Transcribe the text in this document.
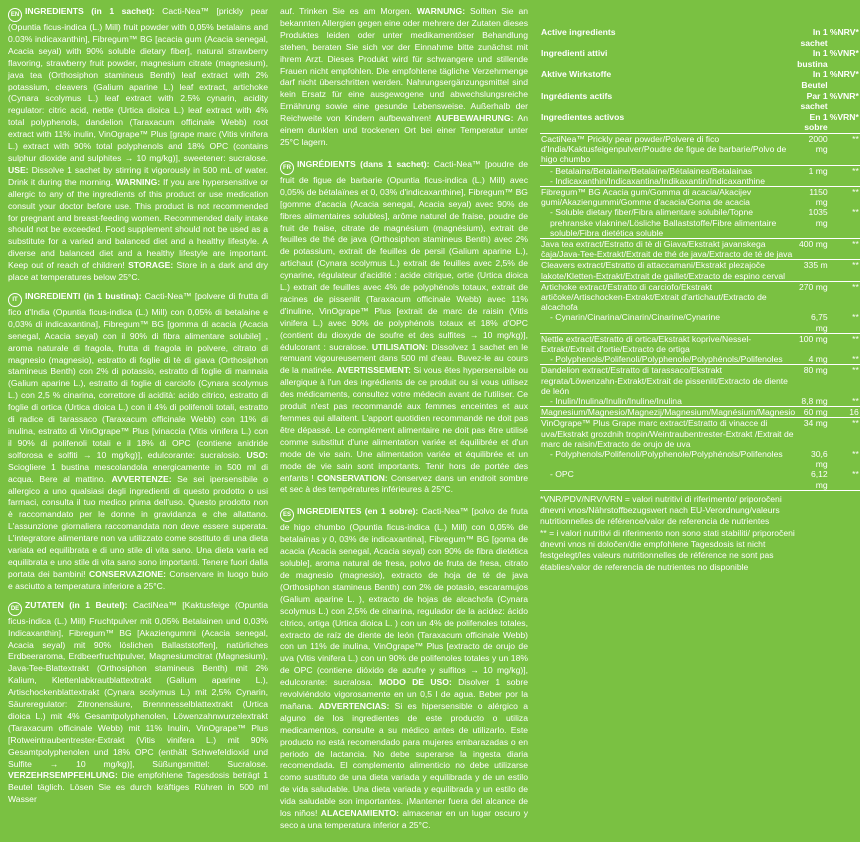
EN INGREDIENTS (in 1 sachet): Cacti-Nea™ [prickly pear (Opuntia ficus-indica (L.) Mill) fruit powder with 0,05% betalains and 0.03% indicaxanthin], Fibregum™ BG [acacia gum (Acacia senegal, Acacia seyal) with 90% soluble dietary fiber], natural strawberry flavoring, strawberry fruit powder, magnesium citrate (magnesium), java tea (Orthosiphon stamineus Benth) leaf extract with 2% potassium, cleavers (Galium aparine L.) leaf extract, artichoke (Cynara scolymus L.) leaf extract with 2.5% cynarin, acidity regulator: citric acid, nettle (Urtica dioica L.) leaf extract with 4% total polyphenols, dandelion (Taraxacum officinale Webb) root extract with 11% inulin, VinOgrape™ Plus [grape marc (Vitis vinifera L.) extract with 90% total polyphenols and 18% OPC (contains sulphur dioxide and sulphites → 10 mg/kg)], sweetener: sucralose. USE: Dissolve 1 sachet by stirring it vigorously in 500 mL of water. Drink it during the morning. WARNING: If you are hypersensitive or allergic to any of the ingredients of this product or use medication consult your doctor before use. This product is not recommended for pregnant and breast-feeding women. Recommended daily intake should not be exceeded. Food supplement should not be used as a substitute for a varied and balanced diet and a healthy lifestyle. A diverse and balanced diet and a healthy lifestyle are important. Keep out of reach of children! STORAGE: Store in a dark and dry place at temperatures below 25°C.
IT INGREDIENTI (in 1 bustina): Cacti-Nea™ [polvere di frutta di fico d'India (Opuntia ficus-indica (L.) Mill) con 0,05% di betalaine e 0,03% di indicaxantina], Fibregum™ BG [gomma di acacia (Acacia senegal, Acacia seyal) con il 90% di fibra alimentare solubile] , aroma naturale di fragola, frutta di fragola in polvere, citrato di magnesio (magnesio), estratto di foglie di tè di giava (Orthosiphon stamineus Benth) con 2% di potassio, estratto di foglie di mannaia (Galium aparine L.), estratto di foglie di carciofo (Cynara scolymus L.) con 2,5 % cinarina, correttore di acidità: acido citrico, estratto di foglie di ortica (Urtica dioica L.) con il 4% di polifenoli totali, estratto di radice di tarassaco (Taraxacum officinale Webb) con 11% di inulina, estratto di VinOgrape™ Plus [vinaccia (Vitis vinifera L.) con il 90% di polifenoli totali e il 18% di OPC (contiene anidride solforosa e solfiti → 10 mg/kg)], edulcorante: sucralosio. USO: Sciogliere 1 bustina mescolandola energicamente in 500 ml di acqua. Bere al mattino. AVVERTENZE: Se sei ipersensibile o allergico a uno qualsiasi degli ingredienti di questo prodotto o usi farmaci, consulta il tuo medico prima dell'uso. Questo prodotto non è raccomandato per le donne in gravidanza e che allattano. L'assunzione giornaliera raccomandata non deve essere superata. L'integratore alimentare non va utilizzato come sostituto di una dieta variata ed equilibrata e di uno stile di vita sano. Una dieta varia ed equilibrata e uno stile di vita sano sono importanti. Tenere fuori dalla portata dei bambini! CONSERVAZIONE: Conservare in luogo buio e asciutto a temperatura inferiore a 25°C.
DE ZUTATEN (in 1 Beutel): CactiNea™ [Kaktusfeige (Opuntia ficus-indica (L.) Mill) Fruchtpulver mit 0,05% Betalainen und 0,03% Indicaxanthin], Fibregum™ BG [Akaziengummi (Acacia senegal, Acacia seyal) mit 90% löslichen Ballaststoffen], natürliches Erdbeeraroma, Erdbeerfruchtpulver, Magnesiumcitrat (Magnesium), Java-Tee-Blattextrakt (Orthosiphon stamineus Benth) mit 2% Kalium, Klettenlabkrautblattextrakt (Galium aparine L.), Artischockenblattextrakt (Cynara scolymus L.) mit 2,5% Cynarin, Säureregulator: Zitronensäure, Brennnesselblattextrakt (Urtica dioica L.) mit 4% Gesamtpolyphenolen, Löwenzahnwurzelextrakt (Taraxacum officinale Webb) mit 11% Inulin, VinOgrape™ Plus [Rotweintraubentrester-Extrakt (Vitis vinifera L.) mit 90% Gesamtpolyphenolen und 18% OPC (enthält Schwefeldioxid und Sulfite → 10 mg/kg)], Süßungsmittel: Sucralose. VERZEHRSEMPFEHLUNG: Die empfohlene Tagesdosis beträgt 1 Beutel täglich. Lösen Sie es durch kräftiges Rühren in 500 ml Wasser
auf. Trinken Sie es am Morgen. WARNUNG: Sollten Sie an bekannten Allergien gegen eine oder mehrere der Zutaten dieses Produktes leiden oder unter medikamentöser Behandlung stehen, beraten Sie sich vor der Einnahme bitte zunächst mit ihrem Arzt. Dieses Produkt wird für schwangere und stillende Frauen nicht empfohlen. Die empfohlene tägliche Verzehrmenge darf nicht überschritten werden. Nahrungsergänzungsmittel sind kein Ersatz für eine ausgewogene und abwechslungsreiche Ernährung sowie eine gesunde Lebensweise. Außerhalb der Reichweite von Kindern aufbewahren! AUFBEWAHRUNG: An einem dunklen und trockenen Ort bei einer Temperatur unter 25°C lagern.
FR INGRÉDIENTS (dans 1 sachet): Cacti-Nea™ [poudre de fruit de figue de barbarie (Opuntia ficus-indica (L.) Mill) avec 0,05% de bétalaïnes et 0, 03% d'indicaxanthine], Fibregum™ BG [gomme d'acacia (Acacia senegal, Acacia seyal) avec 90% de fibres alimentaires solubles], arôme naturel de fraise, poudre de fruit de fraise, citrate de magnésium (magnésium), extrait de feuilles de thé de java (Orthosiphon stamineus Benth) avec 2% de potassium, extrait de feuilles de persil (Galium aparine L.), artichaut (Cynara scolymus L.) extrait de feuilles avec 2,5% de cynarine, régulateur d'acidité : acide citrique, ortie (Urtica dioica L.) extrait de feuilles avec 4% de polyphénols totaux, extrait de racines de pissenlit (Taraxacum officinale Webb) avec 11% d'inuline, VinOgrape™ Plus [extrait de marc de raisin (Vitis vinifera L.) avec 90% de polyphénols totaux et 18% d'OPC (contient du dioxyde de soufre et des sulfites → 10 mg/kg)], édulcorant : sucralose. UTILISATION: Dissolvez 1 sachet en le remuant vigoureusement dans 500 ml d'eau. Buvez-le au cours de la matinée. AVERTISSEMENT: Si vous êtes hypersensible ou allergique à l'un des ingrédients de ce produit ou si vous utilisez des médicaments, consultez votre médecin avant de l'utiliser. Ce produit n'est pas recommandé aux femmes enceintes et aux femmes qui allaitent. L'apport quotidien recommandé ne doit pas être dépassé. Le complément alimentaire ne doit pas être utilisé comme substitut d'une alimentation variée et équilibrée et d'un mode de vie sain. Une alimentation variée et équilibrée et un mode de vie sain sont importants. Tenir hors de portée des enfants ! CONSERVATION: Conservez dans un endroit sombre et sec à des températures inférieures à 25°C.
ES INGREDIENTES (en 1 sobre): Cacti-Nea™ [polvo de fruta de higo chumbo (Opuntia ficus-indica (L.) Mill) con 0,05% de betalaínas y 0, 03% de indicaxantina], Fibregum™ BG [goma de acacia (Acacia senegal, Acacia seyal) con 90% de fibra dietética soluble], aroma natural de fresa, polvo de fruta de fresa, citrato de magnesio (magnesio), extracto de hoja de té de java (Orthosiphon stamineus Benth) con 2% de potasio, escaramujos (Galium aparine L. ), extracto de hojas de alcachofa (Cynara scolymus L.) con 2,5% de cinarina, regulador de la acidez: ácido cítrico, ortiga (Urtica dioica L. ) con un 4% de polifenoles totales, extracto de raíz de diente de león (Taraxacum officinale Webb) con un 11% de inulina, VinOgrape™ Plus [extracto de orujo de uva (Vitis vinifera L.) con un 90% de polifenoles totales y un 18% de OPC (contiene dióxido de azufre y sulfitos → 10 mg/kg)], edulcorante: sucralosa. MODO DE USO: Disolver 1 sobre revolviéndolo vigorosamente en un 0,5 l de agua. Beber por la mañana. ADVERTENCIAS: Si es hipersensible o alérgico a alguno de los ingredientes de este producto o utiliza medicamentos, consulte a su médico antes de utilizarlo. Este producto no está recomendado para mujeres embarazadas o en periodo de lactancia. No debe superarse la ingesta diaria recomendada. El complemento alimenticio no debe utilizarse como sustituto de una dieta variada y equilibrada y de un estilo de vida saludable. Una dieta variada y equilibrada y un estilo de vida saludable son importantes. ¡Mantener fuera del alcance de los niños! ALACENAMIENTO: almacenar en un lugar oscuro y seco a una temperatura inferior a 25°C.
Active ingredients	In 1 sachet	%NRV*
Ingredienti attivi	In 1 bustina	%VNR*
Aktive Wirkstoffe	In 1 Beutel	%NRV*
Ingrédients actifs	Par 1 sachet	%VNR*
Ingredientes activos	En 1 sobre	%VRN*
CactiNea™ Prickly pear powder/Polvere di fico d'India/Kaktusfeigenpulver/Poudre de figue de barbarie/Polvo de higo chumbo	2000 mg	**
- Betalains/Betalaine/Betalaine/Bétalaines/Betalainas	1 mg	**
- Indicaxanthin/Indicaxantina/Indikaxantin/Indicaxanthine		
Fibregum™ BG Acacia gum/Gomma di acacia/Akacijev gumi/Akaziengummi/Gomme d'acacia/Goma de acacia	1150 mg	**
- Soluble dietary fiber/Fibra alimentare solubile/Topne prehranske vlaknine/Lösliche Ballaststoffe/Fibre alimentaire soluble/Fibra dietética soluble	1035 mg	**
Java tea extract/Estratto di tè di Giava/Ekstrakt javanskega čaja/Java-Tee-Extrakt/Extrait de thé de java/Extracto de té de java	400 mg	**
Cleavers extract/Estratto di attaccamani/Ekstrakt plezajoče lakote/Kletten-Extrakt/Extrait de gaillet/Extracto de espino cerval	335 m	**
Artichoke extract/Estratto di carciofo/Ekstrakt artičoke/Artischocken-Extrakt/Extrait d'artichaut/Extracto de alcachofa	270 mg	**
- Cynarin/Cinarina/Cinarin/Cinarine/Cynarine	6,75 mg	**
Nettle extract/Estratto di ortica/Ekstrakt koprive/Nessel-Extrakt/Extrait d'ortie/Extracto de ortiga	100 mg	**
- Polyphenols/Polifenoli/Polyphenole/Polyphénols/Polifenoles	4 mg	**
Dandelion extract/Estratto di tarassaco/Ekstrakt regrata/Löwenzahn-Extrakt/Extrait de pissenlit/Extracto de diente de león	80 mg	**
- Inulin/Inulina/Inulin/Inuline/Inulina	8,8 mg	**
Magnesium/Magnesio/Magnezij/Magnesium/Magnésium/Magnesio	60 mg	16
VinOgrape™ Plus Grape marc extract/Estratto di vinacce di uva/Ekstrakt grozdnih tropin/Weintraubentrester-Extrakt /Extrait de marc de raisin/Extracto de orujo de uva	34 mg	**
- Polyphenols/Polifenoli/Polyphenole/Polyphénols/Polifenoles	30,6 mg	**
- OPC	6,12 mg	**
*VNR/PDV/NRV/VRN = valori nutritivi di riferimento/ priporočeni dnevni vnos/Nährstoffbezugswert nach EU-Verordnung/valeurs nutritionnelles de référence/valor de referencia de nutrientes
** = i valori nutritivi di riferimento non sono stati stabiliti/ priporočeni dnevni vnos ni določen/die empfohlene Tagesdosis ist nicht festgelegt/les valeurs nutritionnelles de référence ne sont pas établies/valor de referencia de nutrientes no disponible
